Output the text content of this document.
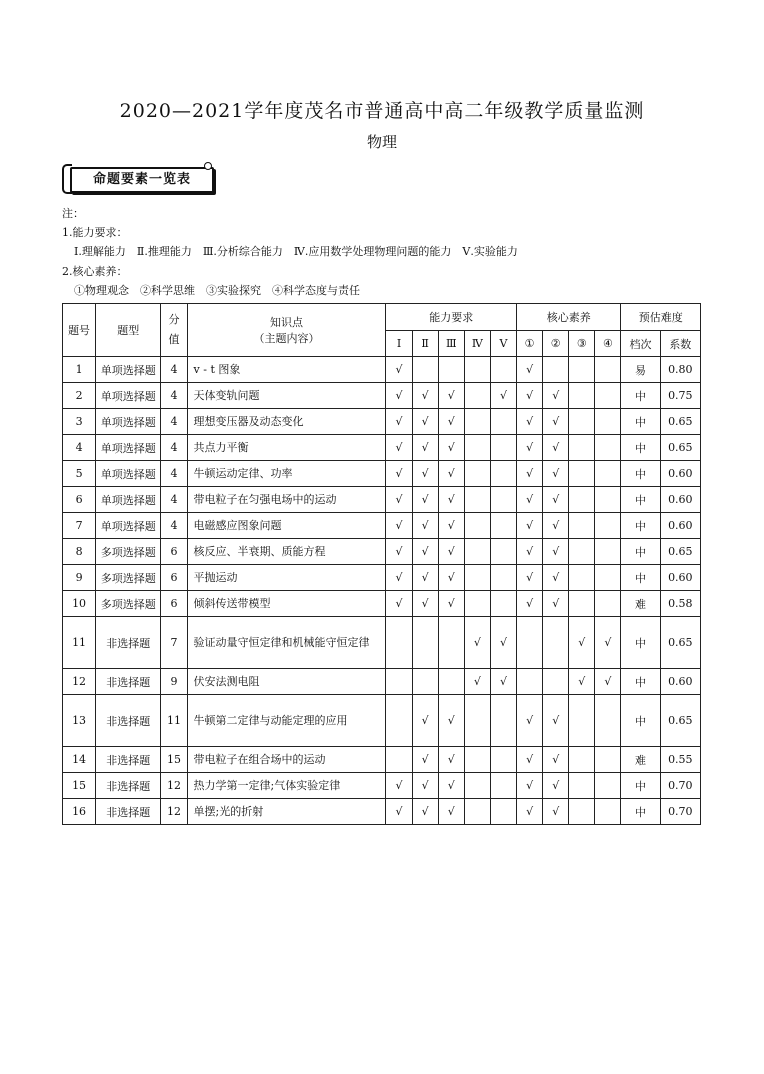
2020—2021学年度茂名市普通高中高二年级教学质量监测
物理
命题要素一览表
注：
1.能力要求：
Ⅰ.理解能力　Ⅱ.推理能力　Ⅲ.分析综合能力　Ⅳ.应用数学处理物理问题的能力　Ⅴ.实验能力
2.核心素养：
①物理观念　②科学思维　③实验探究　④科学态度与责任
题号	题型	分值	知识点
（主题内容）	能力要求					核心素养				预估难度	
				Ⅰ	Ⅱ	Ⅲ	Ⅳ	Ⅴ	①	②	③	④	档次	系数
1	单项选择题	4	v - t 图象	√					√				易	0.80
2	单项选择题	4	天体变轨问题	√	√	√		√	√	√			中	0.75
3	单项选择题	4	理想变压器及动态变化	√	√	√			√	√			中	0.65
4	单项选择题	4	共点力平衡	√	√	√			√	√			中	0.65
5	单项选择题	4	牛顿运动定律、功率	√	√	√			√	√			中	0.60
6	单项选择题	4	带电粒子在匀强电场中的运动	√	√	√			√	√			中	0.60
7	单项选择题	4	电磁感应图象问题	√	√	√			√	√			中	0.60
8	多项选择题	6	核反应、半衰期、质能方程	√	√	√			√	√			中	0.65
9	多项选择题	6	平抛运动	√	√	√			√	√			中	0.60
10	多项选择题	6	倾斜传送带模型	√	√	√			√	√			难	0.58
11	非选择题	7	验证动量守恒定律和机械能守恒定律				√	√			√	√	中	0.65
12	非选择题	9	伏安法测电阻				√	√			√	√	中	0.60
13	非选择题	11	牛顿第二定律与动能定理的应用		√	√			√	√			中	0.65
14	非选择题	15	带电粒子在组合场中的运动		√	√			√	√			难	0.55
15	非选择题	12	热力学第一定律;气体实验定律	√	√	√			√	√			中	0.70
16	非选择题	12	单摆;光的折射	√	√	√			√	√			中	0.70
